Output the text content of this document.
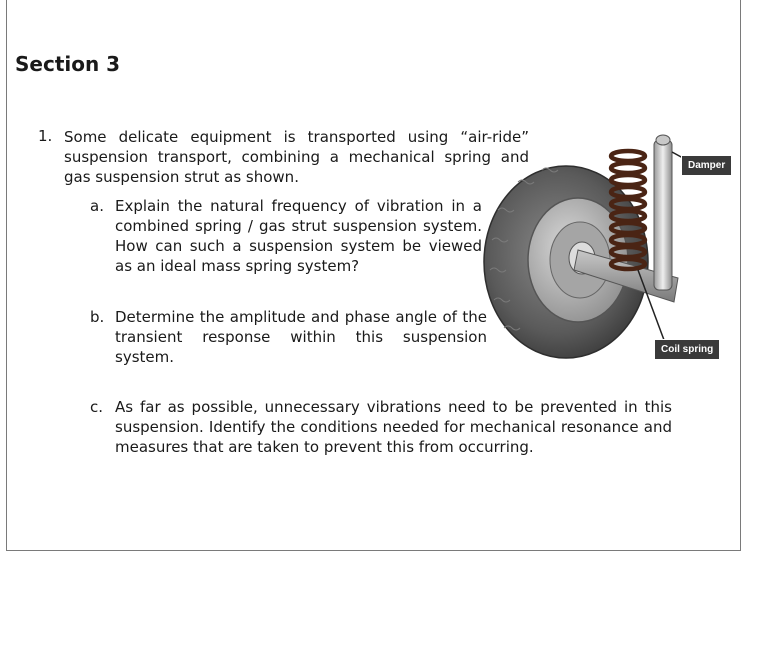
Section 3
1. Some delicate equipment is transported using “air-ride” suspension transport, combining a mechanical spring and gas suspension strut as shown.

a. Explain the natural frequency of vibration in a combined spring / gas strut suspension system. How can such a suspension system be viewed as an ideal mass spring system?

b. Determine the amplitude and phase angle of the transient response within this suspension system.

c. As far as possible, unnecessary vibrations need to be prevented in this suspension. Identify the conditions needed for mechanical resonance and measures that are taken to prevent this from occurring.

Damper
Coil spring
